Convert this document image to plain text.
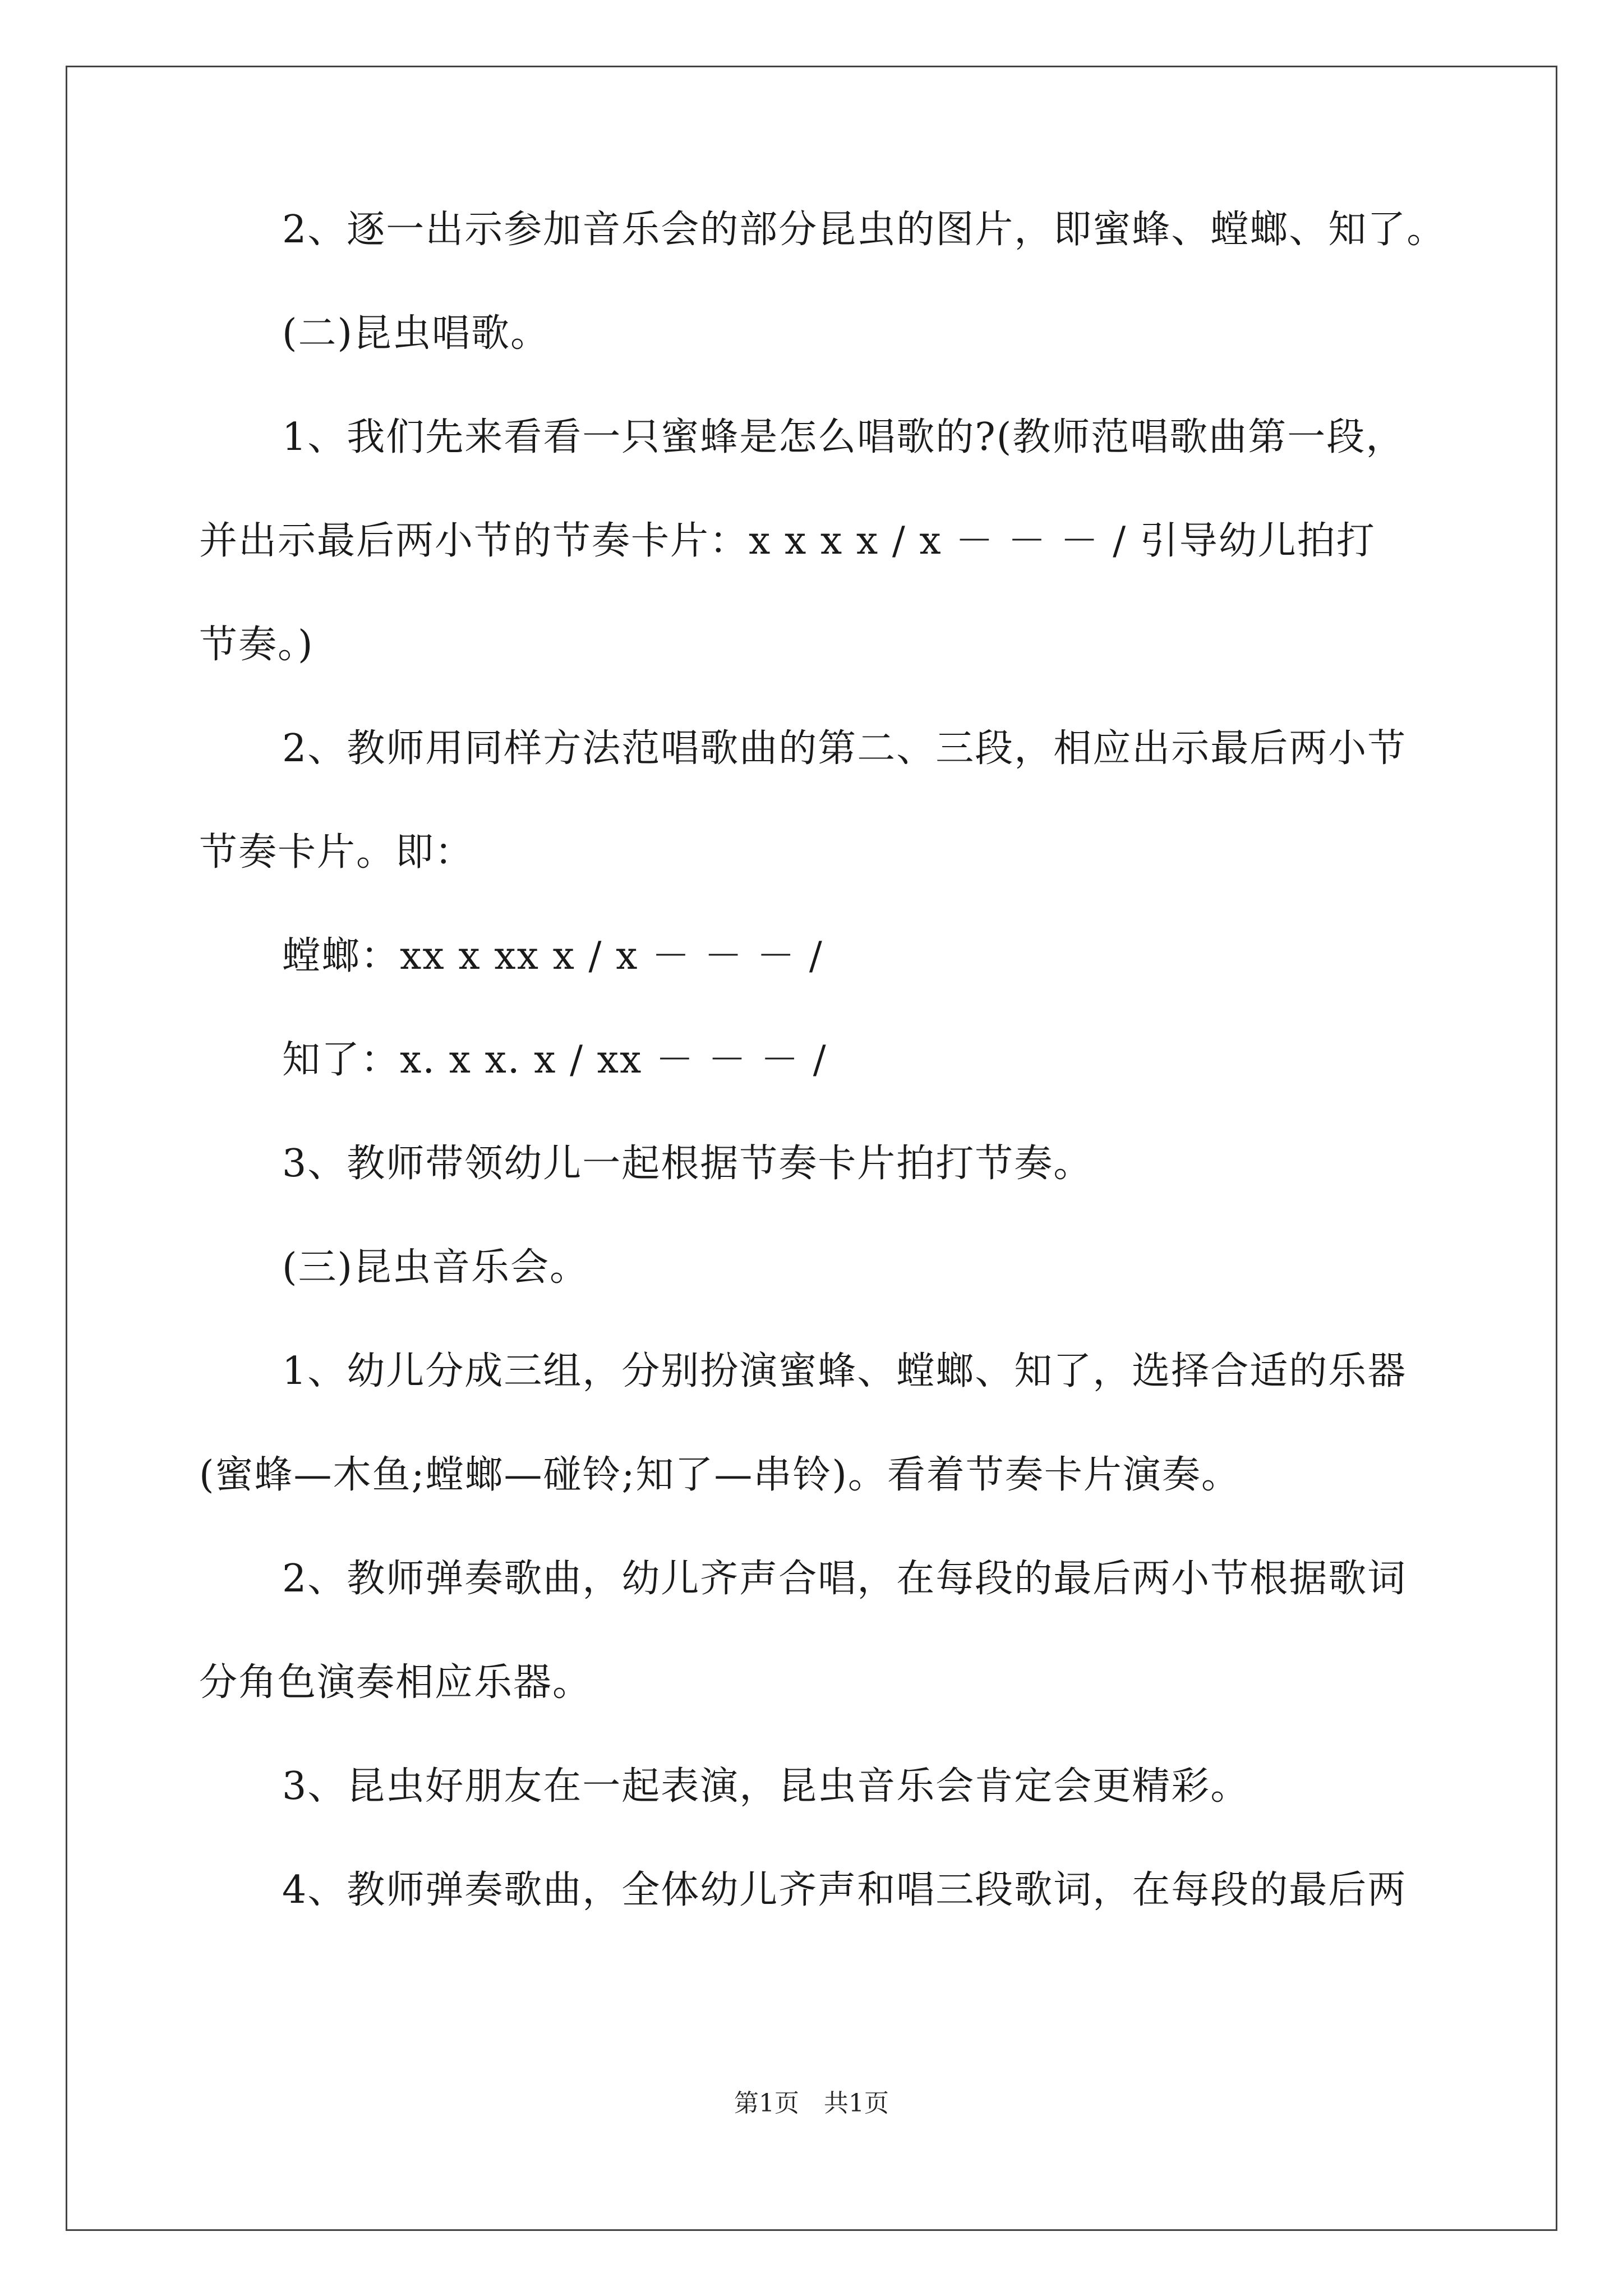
2、逐一出示参加音乐会的部分昆虫的图片，即蜜蜂、螳螂、知了。
(二)昆虫唱歌。
1、我们先来看看一只蜜蜂是怎么唱歌的?(教师范唱歌曲第一段，
并出示最后两小节的节奏卡片：x x x x / x － － － / 引导幼儿拍打
节奏。)
2、教师用同样方法范唱歌曲的第二、三段，相应出示最后两小节
节奏卡片。即：
螳螂：xx x xx x / x － － － /
知了：x. x x. x / xx － － － /
3、教师带领幼儿一起根据节奏卡片拍打节奏。
(三)昆虫音乐会。
1、幼儿分成三组，分别扮演蜜蜂、螳螂、知了，选择合适的乐器
(蜜蜂—木鱼;螳螂—碰铃;知了—串铃)。看着节奏卡片演奏。
2、教师弹奏歌曲，幼儿齐声合唱，在每段的最后两小节根据歌词
分角色演奏相应乐器。
3、昆虫好朋友在一起表演，昆虫音乐会肯定会更精彩。
4、教师弹奏歌曲，全体幼儿齐声和唱三段歌词，在每段的最后两
第1页　共1页
